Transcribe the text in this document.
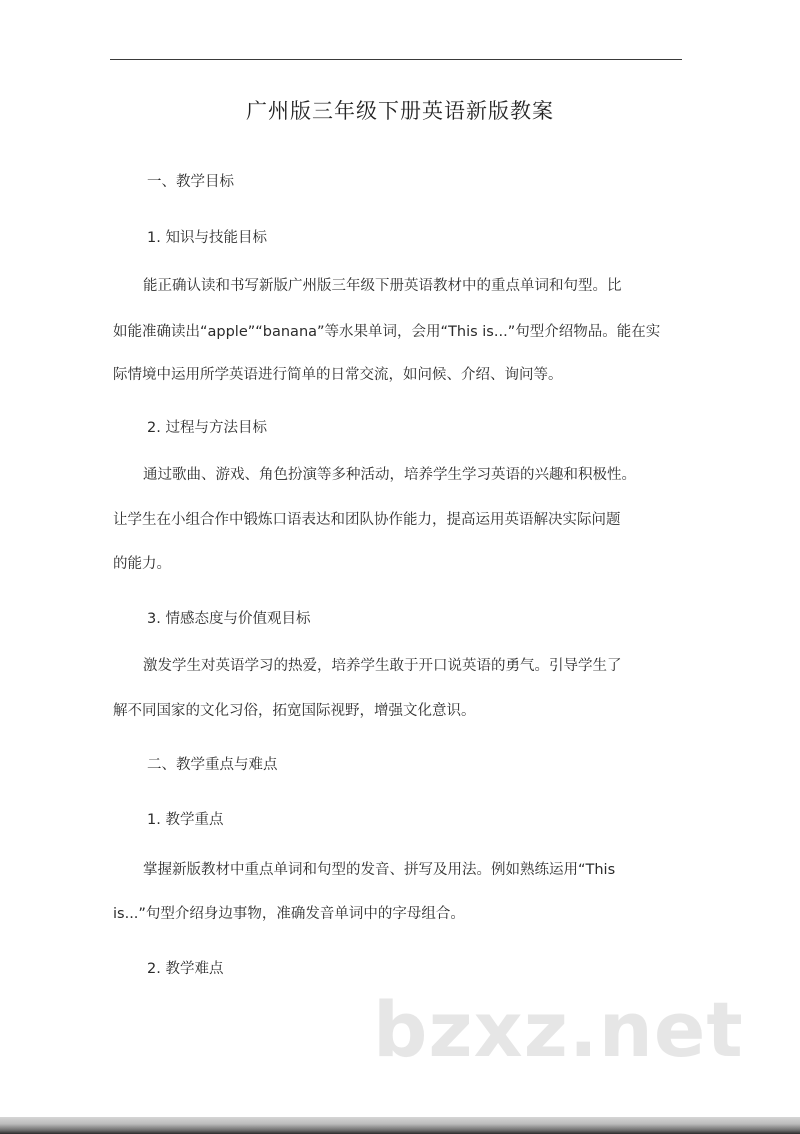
广州版三年级下册英语新版教案
一、教学目标
1. 知识与技能目标
能正确认读和书写新版广州版三年级下册英语教材中的重点单词和句型。比
如能准确读出“apple”“banana”等水果单词，会用“This is...”句型介绍物品。能在实
际情境中运用所学英语进行简单的日常交流，如问候、介绍、询问等。
2. 过程与方法目标
通过歌曲、游戏、角色扮演等多种活动，培养学生学习英语的兴趣和积极性。
让学生在小组合作中锻炼口语表达和团队协作能力，提高运用英语解决实际问题
的能力。
3. 情感态度与价值观目标
激发学生对英语学习的热爱，培养学生敢于开口说英语的勇气。引导学生了
解不同国家的文化习俗，拓宽国际视野，增强文化意识。
二、教学重点与难点
1. 教学重点
掌握新版教材中重点单词和句型的发音、拼写及用法。例如熟练运用“This
is...”句型介绍身边事物，准确发音单词中的字母组合。
2. 教学难点
bzxz.net
